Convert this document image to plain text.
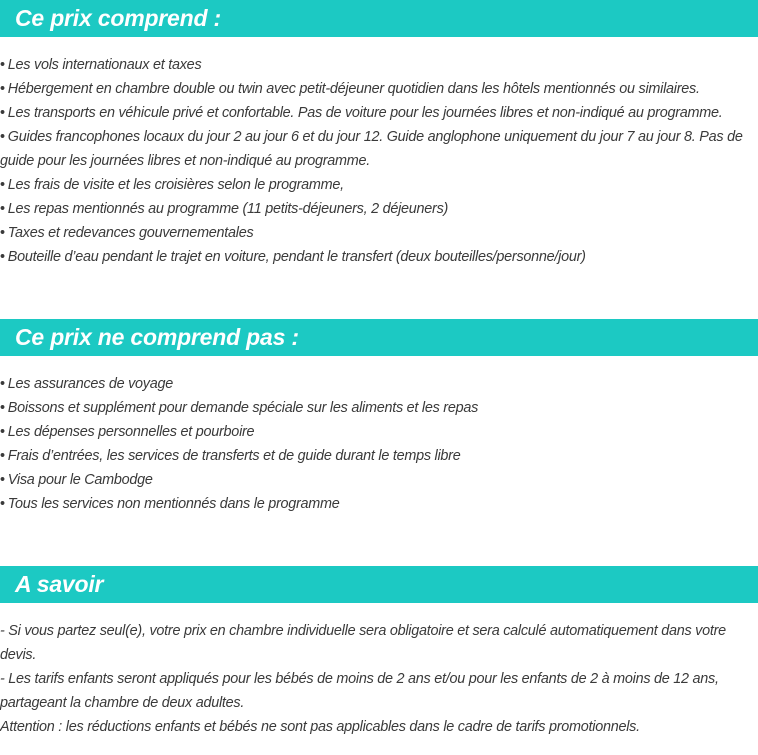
Ce prix comprend :
• Les vols internationaux et taxes
• Hébergement en chambre double ou twin avec petit-déjeuner quotidien dans les hôtels mentionnés ou similaires.
• Les transports en véhicule privé et confortable. Pas de voiture pour les journées libres et non-indiqué au programme.
• Guides francophones locaux du jour 2 au jour 6 et du jour 12. Guide anglophone uniquement du jour 7 au jour 8. Pas de guide pour les journées libres et non-indiqué au programme.
• Les frais de visite et les croisières selon le programme,
• Les repas mentionnés au programme (11 petits-déjeuners, 2 déjeuners)
• Taxes et redevances gouvernementales
• Bouteille d’eau pendant le trajet en voiture, pendant le transfert (deux bouteilles/personne/jour)
Ce prix ne comprend pas :
• Les assurances de voyage
• Boissons et supplément pour demande spéciale sur les aliments et les repas
• Les dépenses personnelles et pourboire
• Frais d’entrées, les services de transferts et de guide durant le temps libre
• Visa pour le Cambodge
• Tous les services non mentionnés dans le programme
A savoir

- Si vous partez seul(e), votre prix en chambre individuelle sera obligatoire et sera calculé automatiquement dans votre devis.

- Les tarifs enfants seront appliqués pour les bébés de moins de 2 ans et/ou pour les enfants de 2 à moins de 12 ans, partageant la chambre de deux adultes.

Attention : les réductions enfants et bébés ne sont pas applicables dans le cadre de tarifs promotionnels.
